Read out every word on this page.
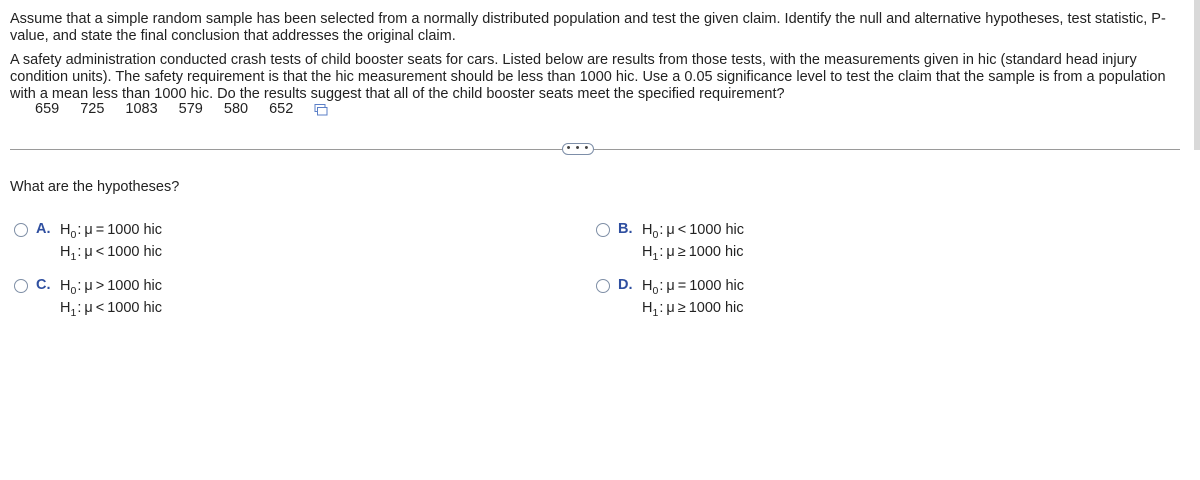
Assume that a simple random sample has been selected from a normally distributed population and test the given claim. Identify the null and alternative hypotheses, test statistic, P-value, and state the final conclusion that addresses the original claim.

A safety administration conducted crash tests of child booster seats for cars. Listed below are results from those tests, with the measurements given in hic (standard head injury condition units). The safety requirement is that the hic measurement should be less than 1000 hic. Use a 0.05 significance level to test the claim that the sample is from a population with a mean less than 1000 hic. Do the results suggest that all of the child booster seats meet the specified requirement?

659 725 1083 579 580 652
• • •
What are the hypotheses?
A. $H_0$: μ = 1000 hic
$H_1$: μ < 1000 hic
B. $H_0$: μ < 1000 hic
$H_1$: μ ≥ 1000 hic
C. $H_0$: μ > 1000 hic
$H_1$: μ < 1000 hic
D. $H_0$: μ = 1000 hic
$H_1$: μ ≥ 1000 hic
